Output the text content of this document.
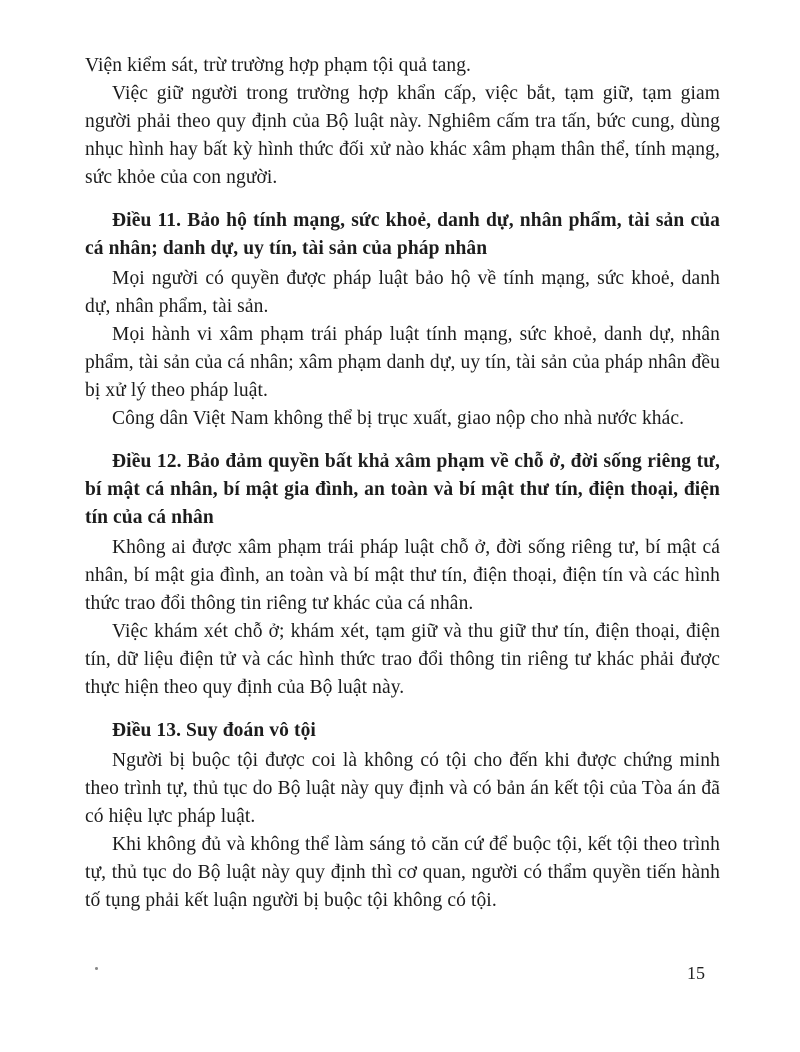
Viện kiểm sát, trừ trường hợp phạm tội quả tang.

Việc giữ người trong trường hợp khẩn cấp, việc bắt, tạm giữ, tạm giam người phải theo quy định của Bộ luật này. Nghiêm cấm tra tấn, bức cung, dùng nhục hình hay bất kỳ hình thức đối xử nào khác xâm phạm thân thể, tính mạng, sức khỏe của con người.

Điều 11. Bảo hộ tính mạng, sức khoẻ, danh dự, nhân phẩm, tài sản của cá nhân; danh dự, uy tín, tài sản của pháp nhân

Mọi người có quyền được pháp luật bảo hộ về tính mạng, sức khoẻ, danh dự, nhân phẩm, tài sản.

Mọi hành vi xâm phạm trái pháp luật tính mạng, sức khoẻ, danh dự, nhân phẩm, tài sản của cá nhân; xâm phạm danh dự, uy tín, tài sản của pháp nhân đều bị xử lý theo pháp luật.

Công dân Việt Nam không thể bị trục xuất, giao nộp cho nhà nước khác.

Điều 12. Bảo đảm quyền bất khả xâm phạm về chỗ ở, đời sống riêng tư, bí mật cá nhân, bí mật gia đình, an toàn và bí mật thư tín, điện thoại, điện tín của cá nhân

Không ai được xâm phạm trái pháp luật chỗ ở, đời sống riêng tư, bí mật cá nhân, bí mật gia đình, an toàn và bí mật thư tín, điện thoại, điện tín và các hình thức trao đổi thông tin riêng tư khác của cá nhân.

Việc khám xét chỗ ở; khám xét, tạm giữ và thu giữ thư tín, điện thoại, điện tín, dữ liệu điện tử và các hình thức trao đổi thông tin riêng tư khác phải được thực hiện theo quy định của Bộ luật này.

Điều 13. Suy đoán vô tội

Người bị buộc tội được coi là không có tội cho đến khi được chứng minh theo trình tự, thủ tục do Bộ luật này quy định và có bản án kết tội của Tòa án đã có hiệu lực pháp luật.

Khi không đủ và không thể làm sáng tỏ căn cứ để buộc tội, kết tội theo trình tự, thủ tục do Bộ luật này quy định thì cơ quan, người có thẩm quyền tiến hành tố tụng phải kết luận người bị buộc tội không có tội.

15
